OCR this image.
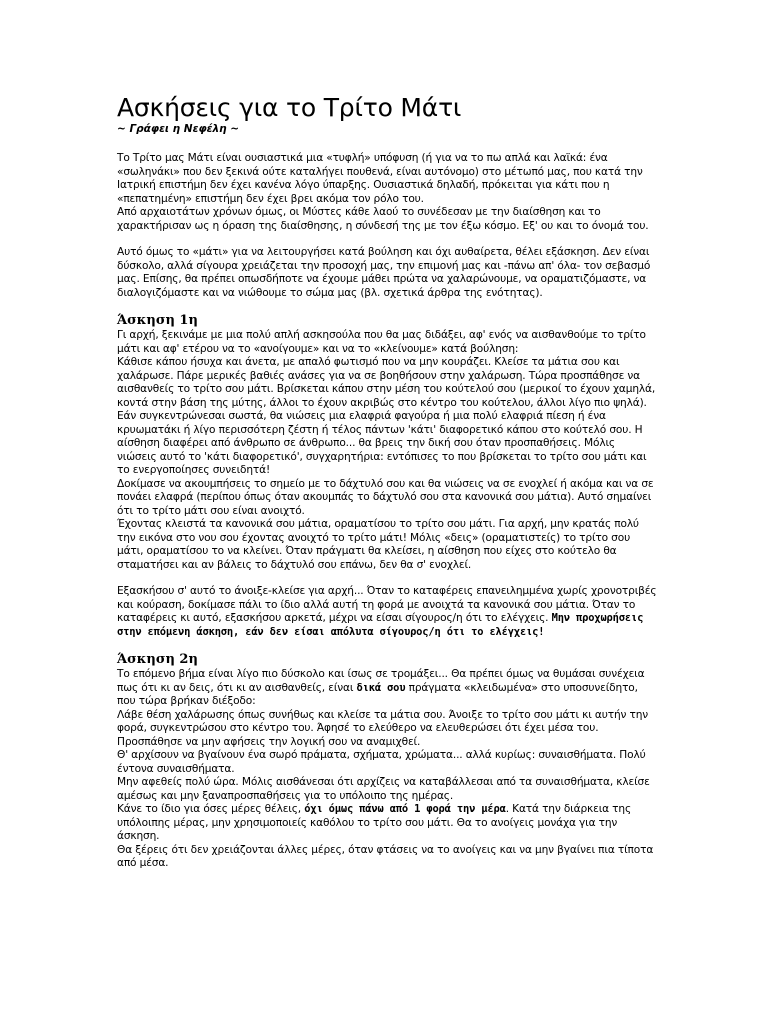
Ασκήσεις για το Τρίτο Μάτι
~ Γράφει η Νεφέλη ~

Το Τρίτο μας Μάτι είναι ουσιαστικά μια «τυφλή» υπόφυση (ή για να το πω απλά και λαϊκά: ένα «σωληνάκι» που δεν ξεκινά ούτε καταλήγει πουθενά, είναι αυτόνομο) στο μέτωπό μας, που κατά την Ιατρική επιστήμη δεν έχει κανένα λόγο ύπαρξης. Ουσιαστικά δηλαδή, πρόκειται για κάτι που η «πεπατημένη» επιστήμη δεν έχει βρει ακόμα τον ρόλο του.

Από αρχαιοτάτων χρόνων όμως, οι Μύστες κάθε λαού το συνέδεσαν με την διαίσθηση και το χαρακτήρισαν ως η όραση της διαίσθησης, η σύνδεσή της με τον έξω κόσμο. Εξ' ου και το όνομά του.

Αυτό όμως το «μάτι» για να λειτουργήσει κατά βούληση και όχι αυθαίρετα, θέλει εξάσκηση. Δεν είναι δύσκολο, αλλά σίγουρα χρειάζεται την προσοχή μας, την επιμονή μας και -πάνω απ' όλα- τον σεβασμό μας. Επίσης, θα πρέπει οπωσδήποτε να έχουμε μάθει πρώτα να χαλαρώνουμε, να οραματιζόμαστε, να διαλογιζόμαστε και να νιώθουμε το σώμα μας (βλ. σχετικά άρθρα της ενότητας).

Άσκηση 1η

Γι αρχή, ξεκινάμε με μια πολύ απλή ασκησούλα που θα μας διδάξει, αφ' ενός να αισθανθούμε το τρίτο μάτι και αφ' ετέρου να το «ανοίγουμε» και να το «κλείνουμε» κατά βούληση:

Κάθισε κάπου ήσυχα και άνετα, με απαλό φωτισμό που να μην κουράζει. Κλείσε τα μάτια σου και χαλάρωσε. Πάρε μερικές βαθιές ανάσες για να σε βοηθήσουν στην χαλάρωση. Τώρα προσπάθησε να αισθανθείς το τρίτο σου μάτι. Βρίσκεται κάπου στην μέση του κούτελού σου (μερικοί το έχουν χαμηλά, κοντά στην βάση της μύτης, άλλοι το έχουν ακριβώς στο κέντρο του κούτελου, άλλοι λίγο πιο ψηλά). Εάν συγκεντρώνεσαι σωστά, θα νιώσεις μια ελαφριά φαγούρα ή μια πολύ ελαφριά πίεση ή ένα κρυωματάκι ή λίγο περισσότερη ζέστη ή τέλος πάντων 'κάτι' διαφορετικό κάπου στο κούτελό σου. Η αίσθηση διαφέρει από άνθρωπο σε άνθρωπο... θα βρεις την δική σου όταν προσπαθήσεις. Μόλις νιώσεις αυτό το 'κάτι διαφορετικό', συγχαρητήρια: εντόπισες το που βρίσκεται το τρίτο σου μάτι και το ενεργοποίησες συνειδητά!

Δοκίμασε να ακουμπήσεις το σημείο με το δάχτυλό σου και θα νιώσεις να σε ενοχλεί ή ακόμα και να σε πονάει ελαφρά (περίπου όπως όταν ακουμπάς το δάχτυλό σου στα κανονικά σου μάτια). Αυτό σημαίνει ότι το τρίτο μάτι σου είναι ανοιχτό.

Έχοντας κλειστά τα κανονικά σου μάτια, οραματίσου το τρίτο σου μάτι. Για αρχή, μην κρατάς πολύ την εικόνα στο νου σου έχοντας ανοιχτό το τρίτο μάτι! Μόλις «δεις» (οραματιστείς) το τρίτο σου μάτι, οραματίσου το να κλείνει. Όταν πράγματι θα κλείσει, η αίσθηση που είχες στο κούτελο θα σταματήσει και αν βάλεις το δάχτυλό σου επάνω, δεν θα σ' ενοχλεί.

Εξασκήσου σ' αυτό το άνοιξε-κλείσε για αρχή... Όταν το καταφέρεις επανειλημμένα χωρίς χρονοτριβές και κούραση, δοκίμασε πάλι το ίδιο αλλά αυτή τη φορά με ανοιχτά τα κανονικά σου μάτια. Όταν το καταφέρεις κι αυτό, εξασκήσου αρκετά, μέχρι να είσαι σίγουρος/η ότι το ελέγχεις. Μην προχωρήσεις στην επόμενη άσκηση, εάν δεν είσαι απόλυτα σίγουρος/η ότι το ελέγχεις!

Άσκηση 2η

Το επόμενο βήμα είναι λίγο πιο δύσκολο και ίσως σε τρομάξει... Θα πρέπει όμως να θυμάσαι συνέχεια πως ότι κι αν δεις, ότι κι αν αισθανθείς, είναι δικά σου πράγματα «κλειδωμένα» στο υποσυνείδητο, που τώρα βρήκαν διέξοδο:

Λάβε θέση χαλάρωσης όπως συνήθως και κλείσε τα μάτια σου. Άνοιξε το τρίτο σου μάτι κι αυτήν την φορά, συγκεντρώσου στο κέντρο του. Άφησέ το ελεύθερο να ελευθερώσει ότι έχει μέσα του. Προσπάθησε να μην αφήσεις την λογική σου να αναμιχθεί.

Θ' αρχίσουν να βγαίνουν ένα σωρό πράματα, σχήματα, χρώματα... αλλά κυρίως: συναισθήματα. Πολύ έντονα συναισθήματα.

Μην αφεθείς πολύ ώρα. Μόλις αισθάνεσαι ότι αρχίζεις να καταβάλλεσαι από τα συναισθήματα, κλείσε αμέσως και μην ξαναπροσπαθήσεις για το υπόλοιπο της ημέρας.

Κάνε το ίδιο για όσες μέρες θέλεις, όχι όμως πάνω από 1 φορά την μέρα. Κατά την διάρκεια της υπόλοιπης μέρας, μην χρησιμοποιείς καθόλου το τρίτο σου μάτι. Θα το ανοίγεις μονάχα για την άσκηση.

Θα ξέρεις ότι δεν χρειάζονται άλλες μέρες, όταν φτάσεις να το ανοίγεις και να μην βγαίνει πια τίποτα από μέσα.
